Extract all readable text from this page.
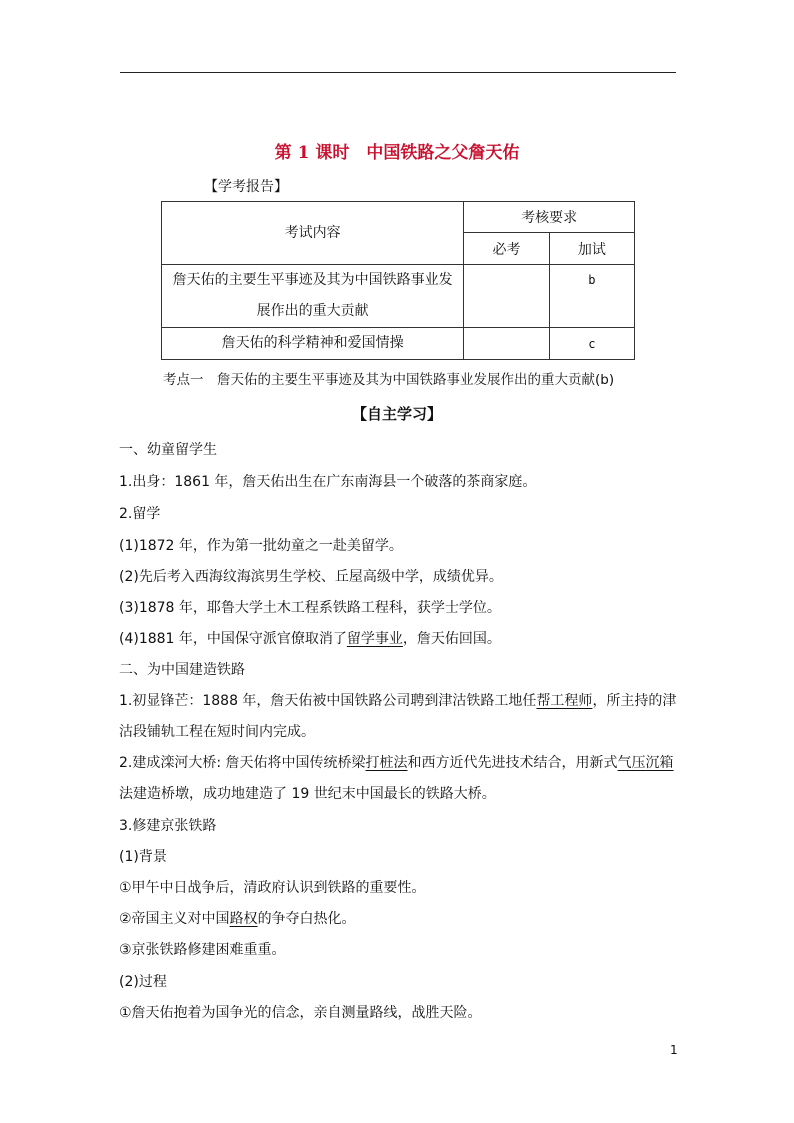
第 1 课时　中国铁路之父詹天佑
【学考报告】
考试内容	考核要求	
	必考	加试
詹天佑的主要生平事迹及其为中国铁路事业发展作出的重大贡献		b
詹天佑的科学精神和爱国情操		c
考点一　詹天佑的主要生平事迹及其为中国铁路事业发展作出的重大贡献(b)
【自主学习】
一、幼童留学生
1.出身：1861 年，詹天佑出生在广东南海县一个破落的茶商家庭。
2.留学
(1)1872 年，作为第一批幼童之一赴美留学。
(2)先后考入西海纹海滨男生学校、丘屋高级中学，成绩优异。
(3)1878 年，耶鲁大学土木工程系铁路工程科，获学士学位。
(4)1881 年，中国保守派官僚取消了留学事业，詹天佑回国。
二、为中国建造铁路
1.初显锋芒：1888 年，詹天佑被中国铁路公司聘到津沽铁路工地任帮工程师，所主持的津
沽段铺轨工程在短时间内完成。
2.建成滦河大桥: 詹天佑将中国传统桥梁打桩法和西方近代先进技术结合，用新式气压沉箱
法建造桥墩，成功地建造了 19 世纪末中国最长的铁路大桥。
3.修建京张铁路
(1)背景
①甲午中日战争后，清政府认识到铁路的重要性。
②帝国主义对中国路权的争夺白热化。
③京张铁路修建困难重重。
(2)过程
①詹天佑抱着为国争光的信念，亲自测量路线，战胜天险。
1
